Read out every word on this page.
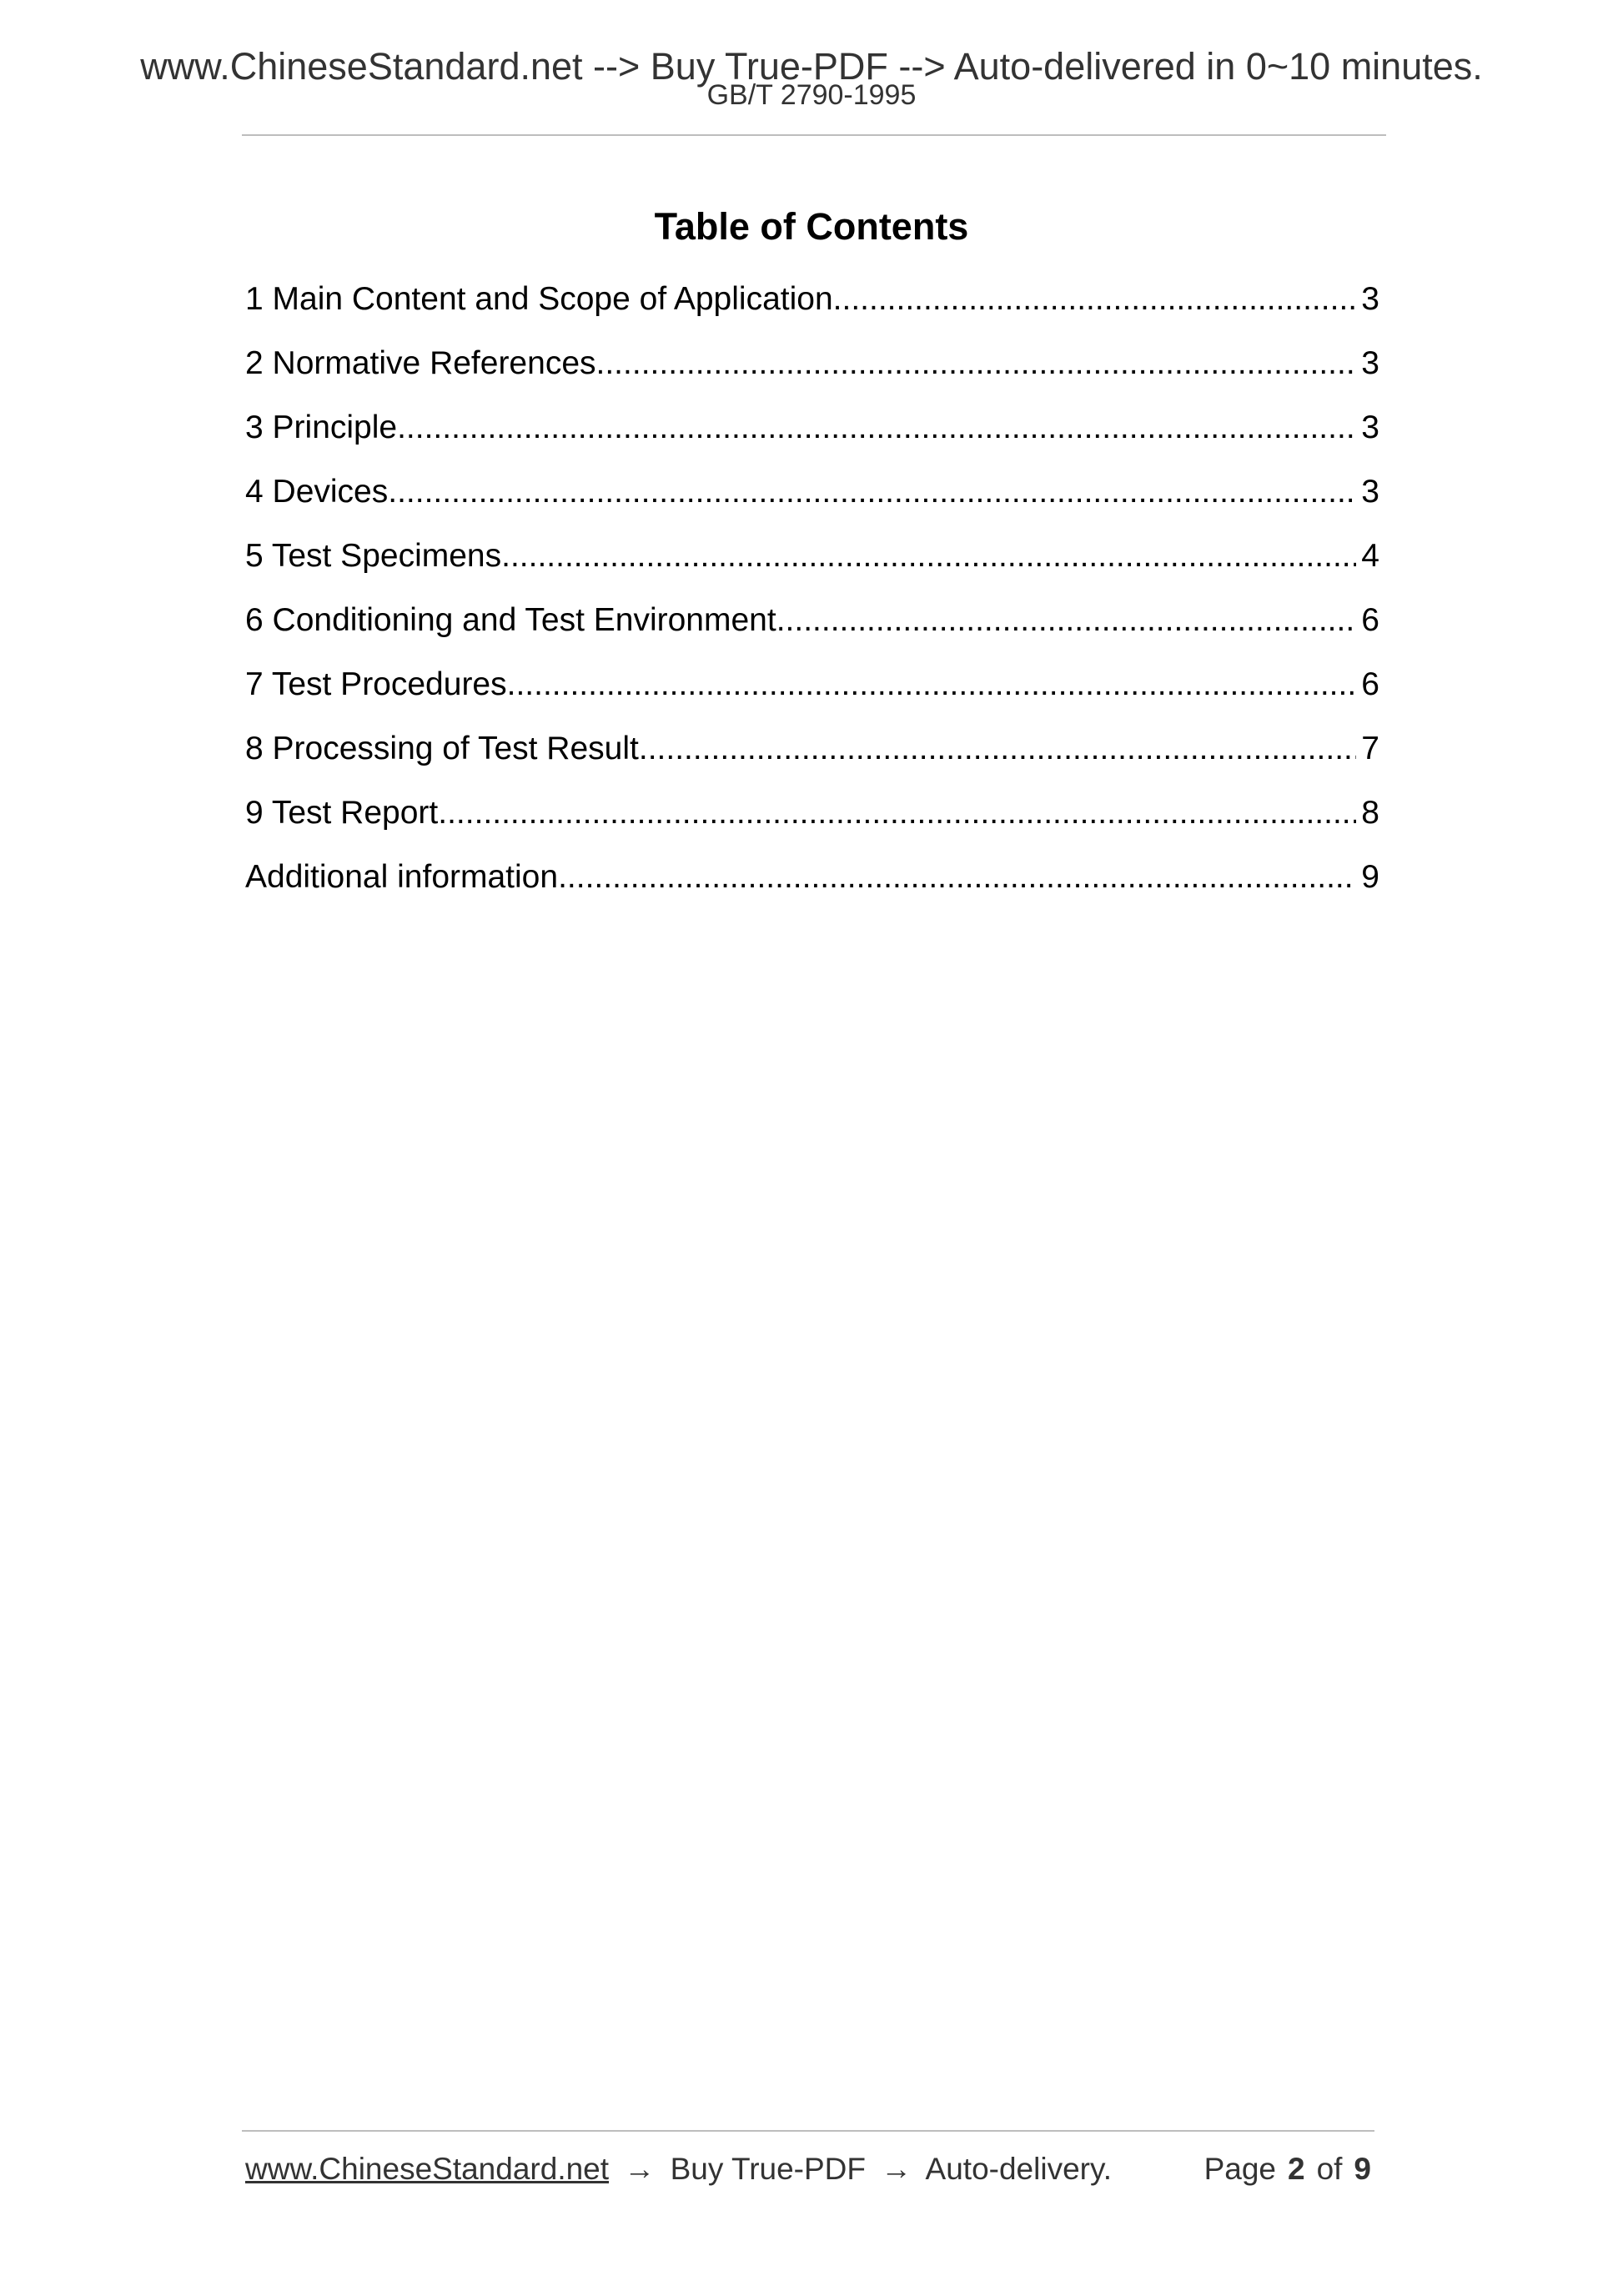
www.ChineseStandard.net --> Buy True-PDF --> Auto-delivered in 0~10 minutes.
GB/T 2790-1995
Table of Contents
1 Main Content and Scope of Application .....	3
2 Normative References .....	3
3 Principle .....	3
4 Devices .....	3
5 Test Specimens .....	4
6 Conditioning and Test Environment .....	6
7 Test Procedures .....	6
8 Processing of Test Result .....	7
9 Test Report .....	8
Additional information .....	9
www.ChineseStandard.net → Buy True-PDF → Auto-delivery.	Page 2 of 9
